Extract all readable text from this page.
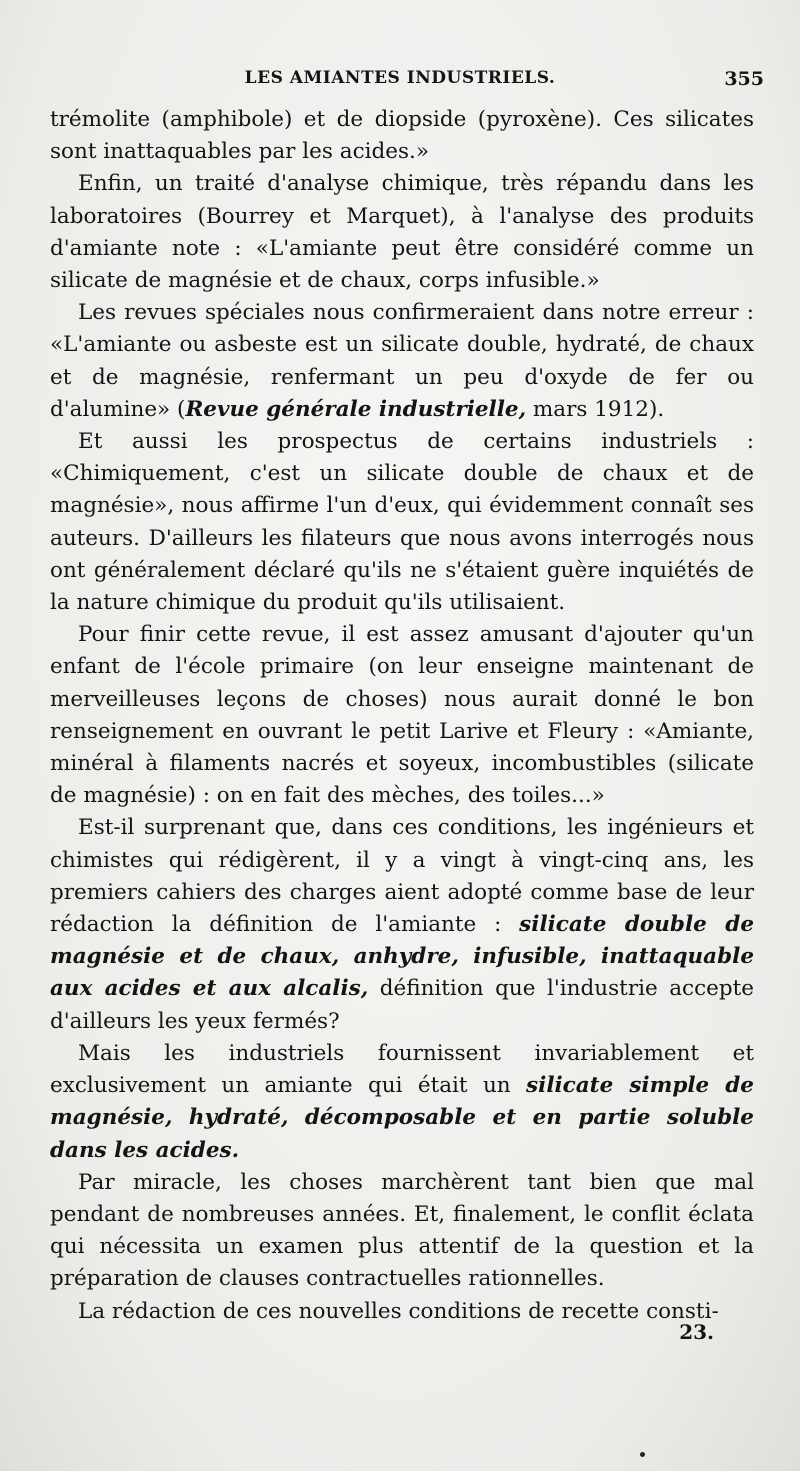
LES AMIANTES INDUSTRIELS.	355

trémolite (amphibole) et de diopside (pyroxène). Ces silicates sont inattaquables par les acides.»

Enfin, un traité d'analyse chimique, très répandu dans les laboratoires (Bourrey et Marquet), à l'analyse des produits d'amiante note : «L'amiante peut être considéré comme un silicate de magnésie et de chaux, corps infusible.»

Les revues spéciales nous confirmeraient dans notre erreur : «L'amiante ou asbeste est un silicate double, hydraté, de chaux et de magnésie, renfermant un peu d'oxyde de fer ou d'alumine» (Revue générale industrielle, mars 1912).

Et aussi les prospectus de certains industriels : «Chimiquement, c'est un silicate double de chaux et de magnésie», nous affirme l'un d'eux, qui évidemment connaît ses auteurs. D'ailleurs les filateurs que nous avons interrogés nous ont généralement déclaré qu'ils ne s'étaient guère inquiétés de la nature chimique du produit qu'ils utilisaient.

Pour finir cette revue, il est assez amusant d'ajouter qu'un enfant de l'école primaire (on leur enseigne maintenant de merveilleuses leçons de choses) nous aurait donné le bon renseignement en ouvrant le petit Larive et Fleury : «Amiante, minéral à filaments nacrés et soyeux, incombustibles (silicate de magnésie) : on en fait des mèches, des toiles...»

Est-il surprenant que, dans ces conditions, les ingénieurs et chimistes qui rédigèrent, il y a vingt à vingt-cinq ans, les premiers cahiers des charges aient adopté comme base de leur rédaction la définition de l'amiante : silicate double de magnésie et de chaux, anhydre, infusible, inattaquable aux acides et aux alcalis, définition que l'industrie accepte d'ailleurs les yeux fermés?

Mais les industriels fournissent invariablement et exclusivement un amiante qui était un silicate simple de magnésie, hydraté, décomposable et en partie soluble dans les acides.

Par miracle, les choses marchèrent tant bien que mal pendant de nombreuses années. Et, finalement, le conflit éclata qui nécessita un examen plus attentif de la question et la préparation de clauses contractuelles rationnelles.

La rédaction de ces nouvelles conditions de recette consti-

23.
